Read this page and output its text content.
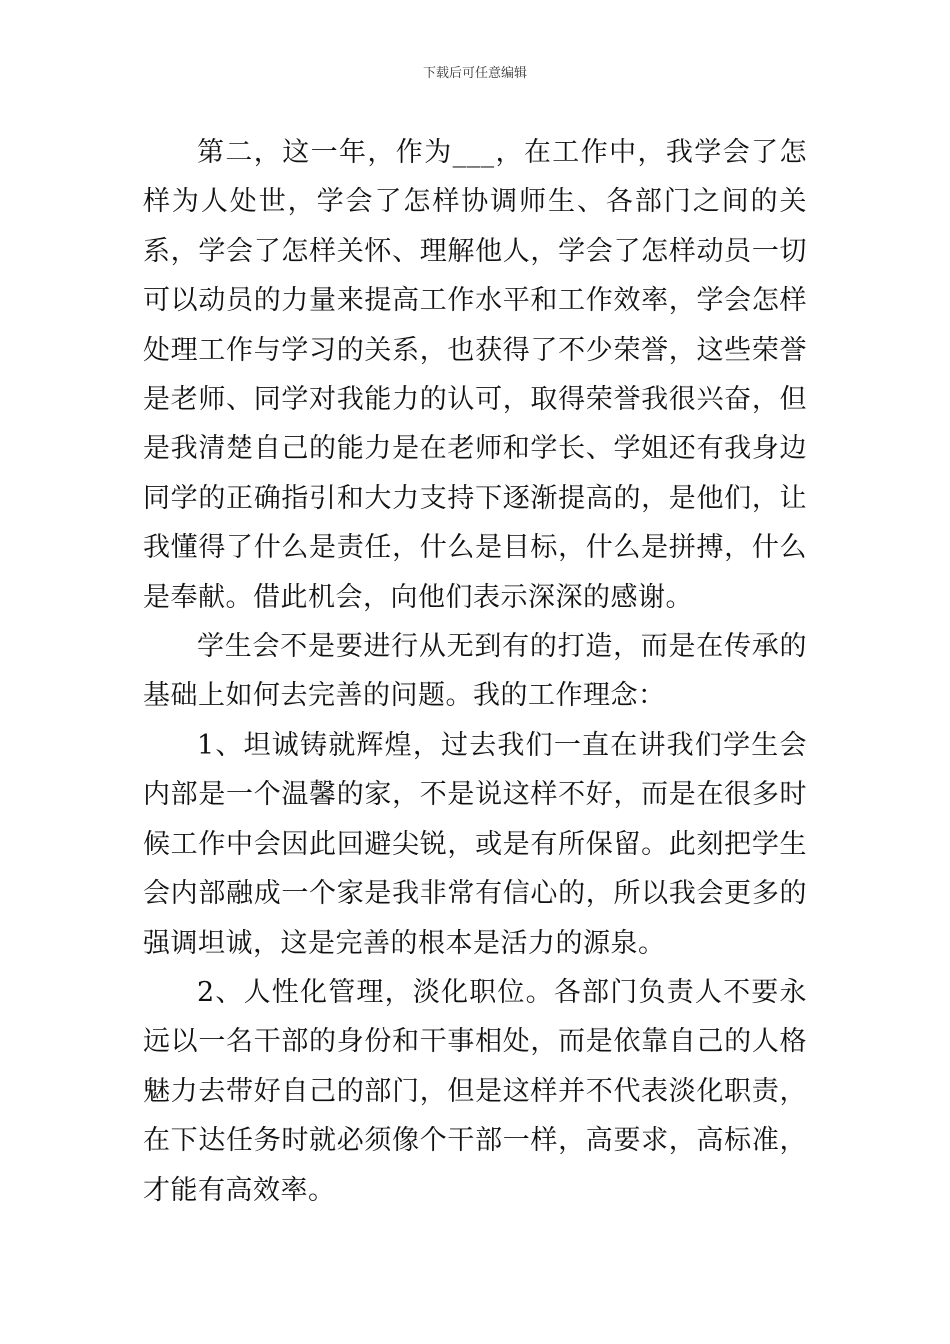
下载后可任意编辑

第二，这一年，作为___，在工作中，我学会了怎样为人处世，学会了怎样协调师生、各部门之间的关系，学会了怎样关怀、理解他人，学会了怎样动员一切可以动员的力量来提高工作水平和工作效率，学会怎样处理工作与学习的关系，也获得了不少荣誉，这些荣誉是老师、同学对我能力的认可，取得荣誉我很兴奋，但是我清楚自己的能力是在老师和学长、学姐还有我身边同学的正确指引和大力支持下逐渐提高的，是他们，让我懂得了什么是责任，什么是目标，什么是拼搏，什么是奉献。借此机会，向他们表示深深的感谢。

学生会不是要进行从无到有的打造，而是在传承的基础上如何去完善的问题。我的工作理念：

1、坦诚铸就辉煌，过去我们一直在讲我们学生会内部是一个温馨的家，不是说这样不好，而是在很多时候工作中会因此回避尖锐，或是有所保留。此刻把学生会内部融成一个家是我非常有信心的，所以我会更多的强调坦诚，这是完善的根本是活力的源泉。

2、人性化管理，淡化职位。各部门负责人不要永远以一名干部的身份和干事相处，而是依靠自己的人格魅力去带好自己的部门，但是这样并不代表淡化职责，在下达任务时就必须像个干部一样，高要求，高标准，才能有高效率。
